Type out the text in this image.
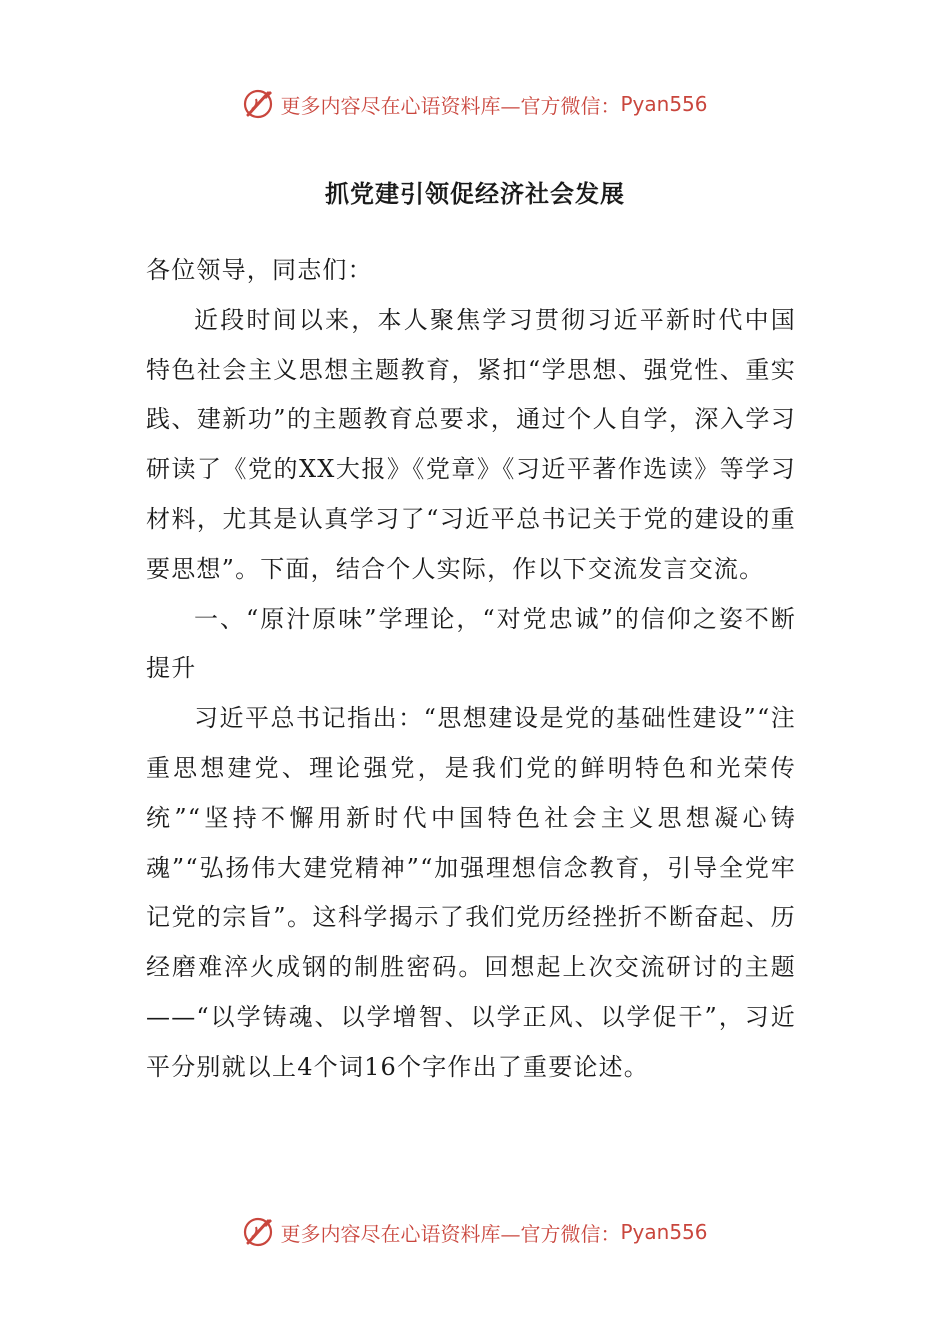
更多内容尽在心语资料库—官方微信： Pyan556
抓党建引领促经济社会发展

各位领导，同志们：

近段时间以来，本人聚焦学习贯彻习近平新时代中国特色社会主义思想主题教育，紧扣“学思想、强党性、重实践、建新功”的主题教育总要求，通过个人自学，深入学习研读了《党的XX大报》《党章》《习近平著作选读》等学习材料，尤其是认真学习了“习近平总书记关于党的建设的重要思想”。下面，结合个人实际，作以下交流发言交流。

一、“原汁原味”学理论，“对党忠诚”的信仰之姿不断提升

习近平总书记指出：“思想建设是党的基础性建设”“注重思想建党、理论强党，是我们党的鲜明特色和光荣传统”“坚持不懈用新时代中国特色社会主义思想凝心铸魂”“弘扬伟大建党精神”“加强理想信念教育，引导全党牢记党的宗旨”。这科学揭示了我们党历经挫折不断奋起、历经磨难淬火成钢的制胜密码。回想起上次交流研讨的主题——“以学铸魂、以学增智、以学正风、以学促干”，习近平分别就以上4个词16个字作出了重要论述。

更多内容尽在心语资料库—官方微信： Pyan556
